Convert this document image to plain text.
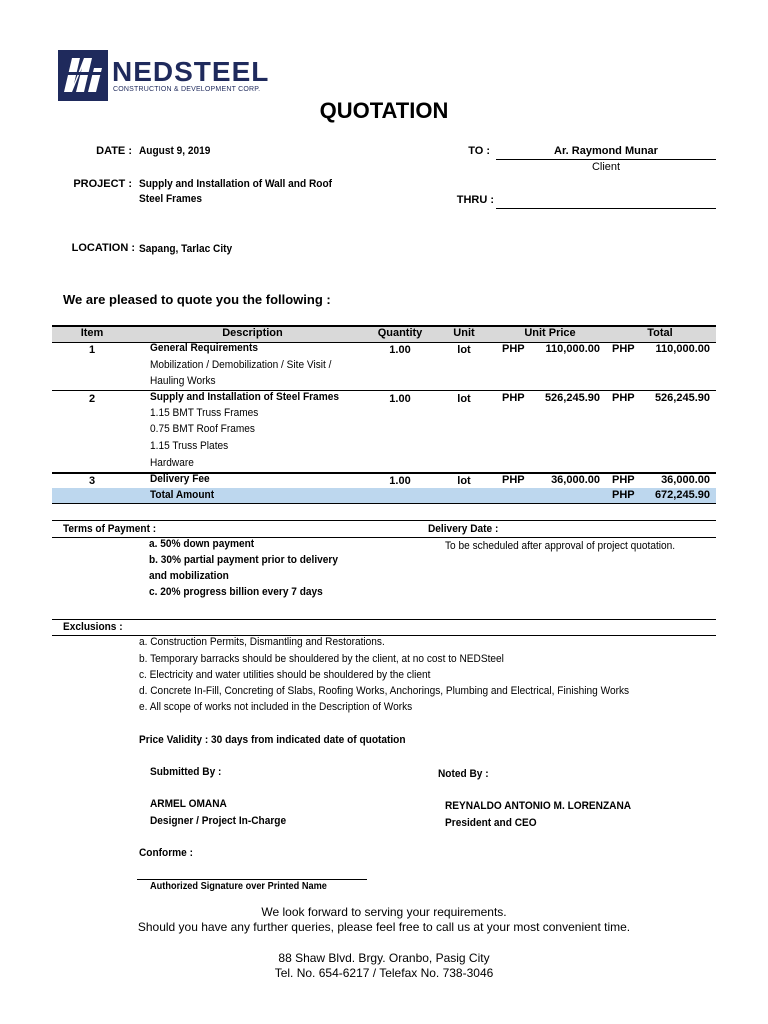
NEDSTEEL
CONSTRUCTION & DEVELOPMENT CORP.
QUOTATION
DATE : August 9, 2019
PROJECT : Supply and Installation of Wall and Roof
Steel Frames
LOCATION : Sapang, Tarlac City
TO :	Ar. Raymond Munar
Client
THRU :
We are pleased to quote you the following :
Item	Description	Quantity	Unit	Unit Price	Total
1	General Requirements	1.00	lot	PHP	110,000.00 PHP	110,000.00
Mobilization / Demobilization / Site Visit /
Hauling Works
2	Supply and Installation of Steel Frames	1.00	lot	PHP	526,245.90 PHP	526,245.90
1.15 BMT Truss Frames
0.75 BMT Roof Frames
1.15 Truss Plates
Hardware
3	Delivery Fee	1.00	lot	PHP	36,000.00 PHP	36,000.00
Total Amount	PHP	672,245.90
Terms of Payment :	Delivery Date :
a. 50% down payment
b. 30% partial payment prior to delivery
and mobilization
c. 20% progress billion every 7 days
To be scheduled after approval of project quotation.
Exclusions :
a. Construction Permits, Dismantling and Restorations.
b. Temporary barracks should be shouldered by the client, at no cost to NEDSteel
c. Electricity and water utilities should be shouldered by the client
d. Concrete In-Fill, Concreting of Slabs, Roofing Works, Anchorings, Plumbing and Electrical, Finishing Works
e. All scope of works not included in the Description of Works
Price Validity : 30 days from indicated date of quotation
Submitted By :
ARMEL OMANA
Designer / Project In-Charge
Noted By :
REYNALDO ANTONIO M. LORENZANA
President and CEO
Conforme :
Authorized Signature over Printed Name
We look forward to serving your requirements.
Should you have any further queries, please feel free to call us at your most convenient time.
88 Shaw Blvd. Brgy. Oranbo, Pasig City
Tel. No. 654-6217 / Telefax No. 738-3046
